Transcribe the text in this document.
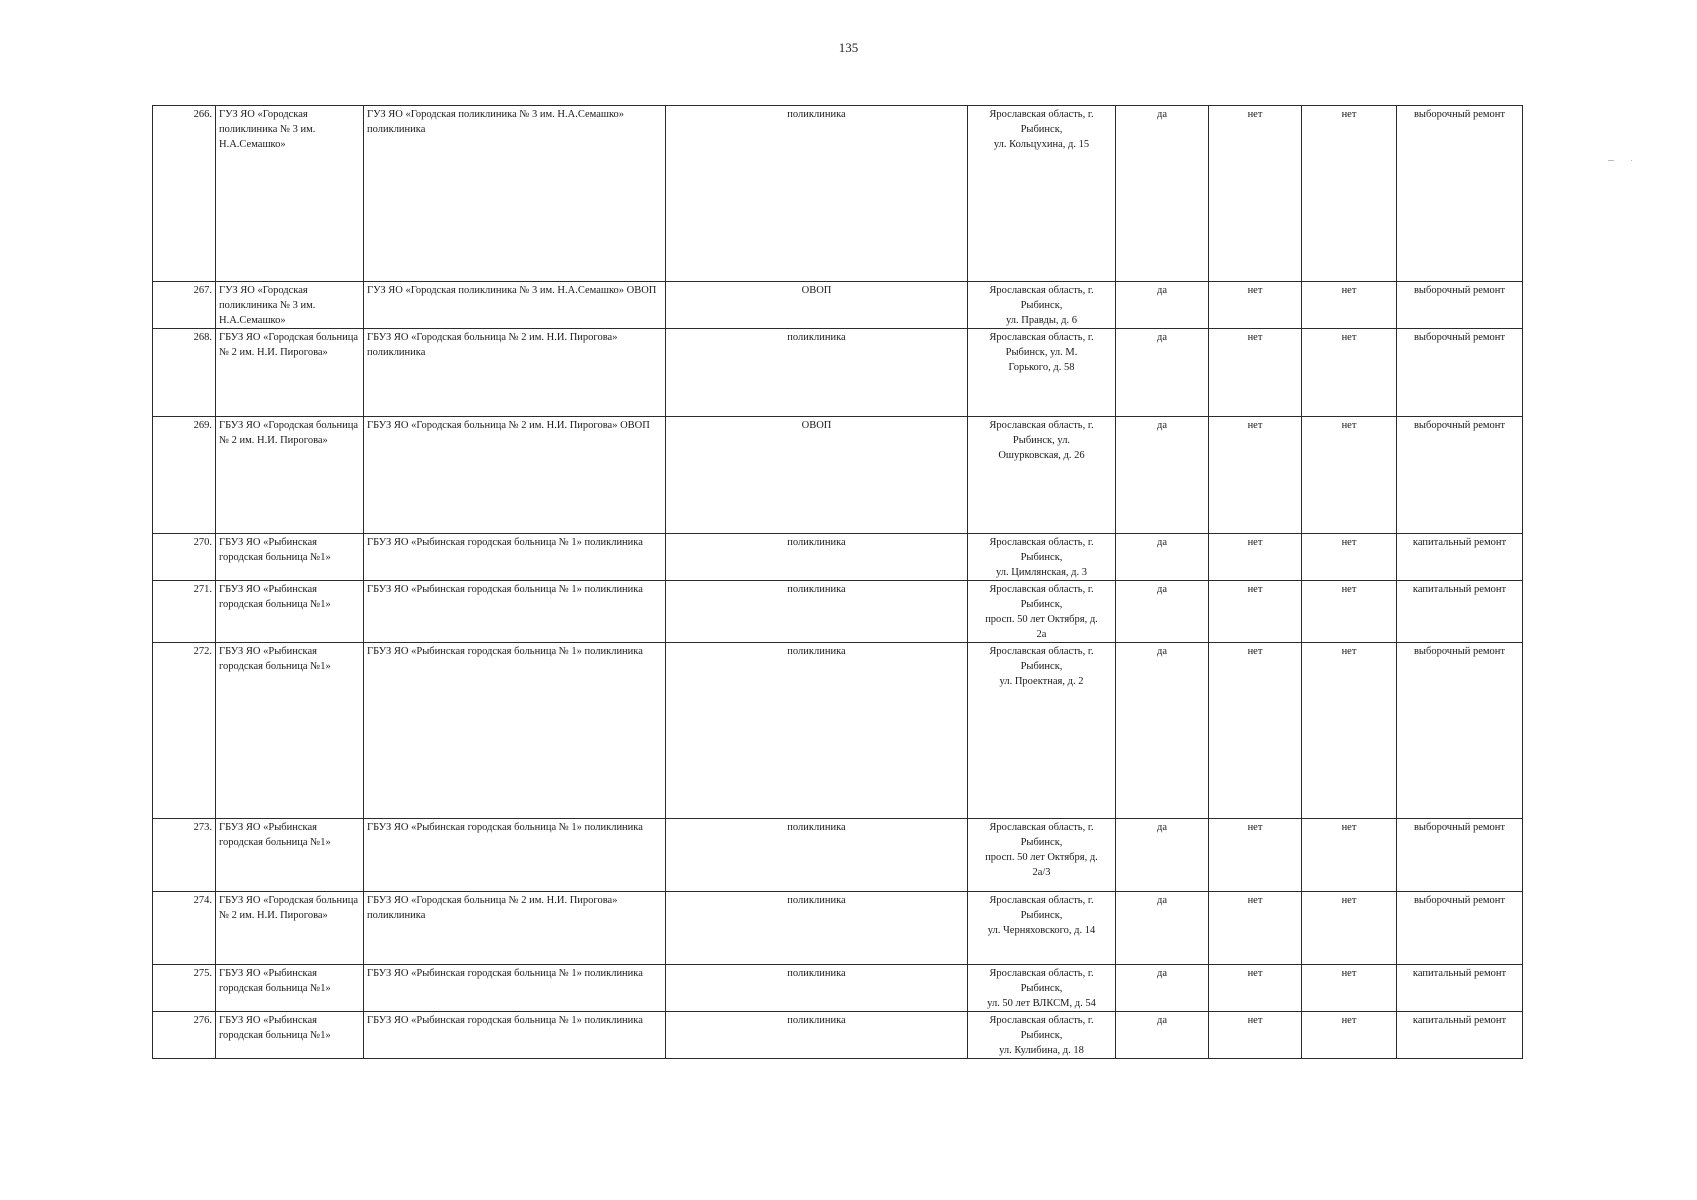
135
266.	ГУЗ ЯО «Городская поликлиника № 3 им. Н.А.Семашко»	ГУЗ ЯО «Городская поликлиника № 3 им. Н.А.Семашко» поликлиника	поликлиника	Ярославская область, г.
Рыбинск,
ул. Кольцухина, д. 15	да	нет	нет	выборочный ремонт
267.	ГУЗ ЯО «Городская поликлиника № 3 им. Н.А.Семашко»	ГУЗ ЯО «Городская поликлиника № 3 им. Н.А.Семашко» ОВОП	ОВОП	Ярославская область, г.
Рыбинск,
ул. Правды, д. 6	да	нет	нет	выборочный ремонт
268.	ГБУЗ ЯО «Городская больница № 2 им. Н.И. Пирогова»	ГБУЗ ЯО «Городская больница № 2 им. Н.И. Пирогова» поликлиника	поликлиника	Ярославская область, г.
Рыбинск, ул. М.
Горького, д. 58	да	нет	нет	выборочный ремонт
269.	ГБУЗ ЯО «Городская больница № 2 им. Н.И. Пирогова»	ГБУЗ ЯО «Городская больница № 2 им. Н.И. Пирогова» ОВОП	ОВОП	Ярославская область, г.
Рыбинск, ул.
Ошурковская, д. 26	да	нет	нет	выборочный ремонт
270.	ГБУЗ ЯО «Рыбинская городская больница №1»	ГБУЗ ЯО «Рыбинская городская больница № 1» поликлиника	поликлиника	Ярославская область, г.
Рыбинск,
ул. Цимлянская, д. 3	да	нет	нет	капитальный ремонт
271.	ГБУЗ ЯО «Рыбинская городская больница №1»	ГБУЗ ЯО «Рыбинская городская больница № 1» поликлиника	поликлиника	Ярославская область, г.
Рыбинск,
просп. 50 лет Октября, д.
2а	да	нет	нет	капитальный ремонт
272.	ГБУЗ ЯО «Рыбинская городская больница №1»	ГБУЗ ЯО «Рыбинская городская больница № 1» поликлиника	поликлиника	Ярославская область, г.
Рыбинск,
ул. Проектная, д. 2	да	нет	нет	выборочный ремонт
273.	ГБУЗ ЯО «Рыбинская городская больница №1»	ГБУЗ ЯО «Рыбинская городская больница № 1» поликлиника	поликлиника	Ярославская область, г.
Рыбинск,
просп. 50 лет Октября, д.
2а/3	да	нет	нет	выборочный ремонт
274.	ГБУЗ ЯО «Городская больница № 2 им. Н.И. Пирогова»	ГБУЗ ЯО «Городская больница № 2 им. Н.И. Пирогова» поликлиника	поликлиника	Ярославская область, г.
Рыбинск,
ул. Черняховского, д. 14	да	нет	нет	выборочный ремонт
275.	ГБУЗ ЯО «Рыбинская городская больница №1»	ГБУЗ ЯО «Рыбинская городская больница № 1» поликлиника	поликлиника	Ярославская область, г.
Рыбинск,
ул. 50 лет ВЛКСМ, д. 54	да	нет	нет	капитальный ремонт
276.	ГБУЗ ЯО «Рыбинская городская больница №1»	ГБУЗ ЯО «Рыбинская городская больница № 1» поликлиника	поликлиника	Ярославская область, г.
Рыбинск,
ул. Кулибина, д. 18	да	нет	нет	капитальный ремонт
